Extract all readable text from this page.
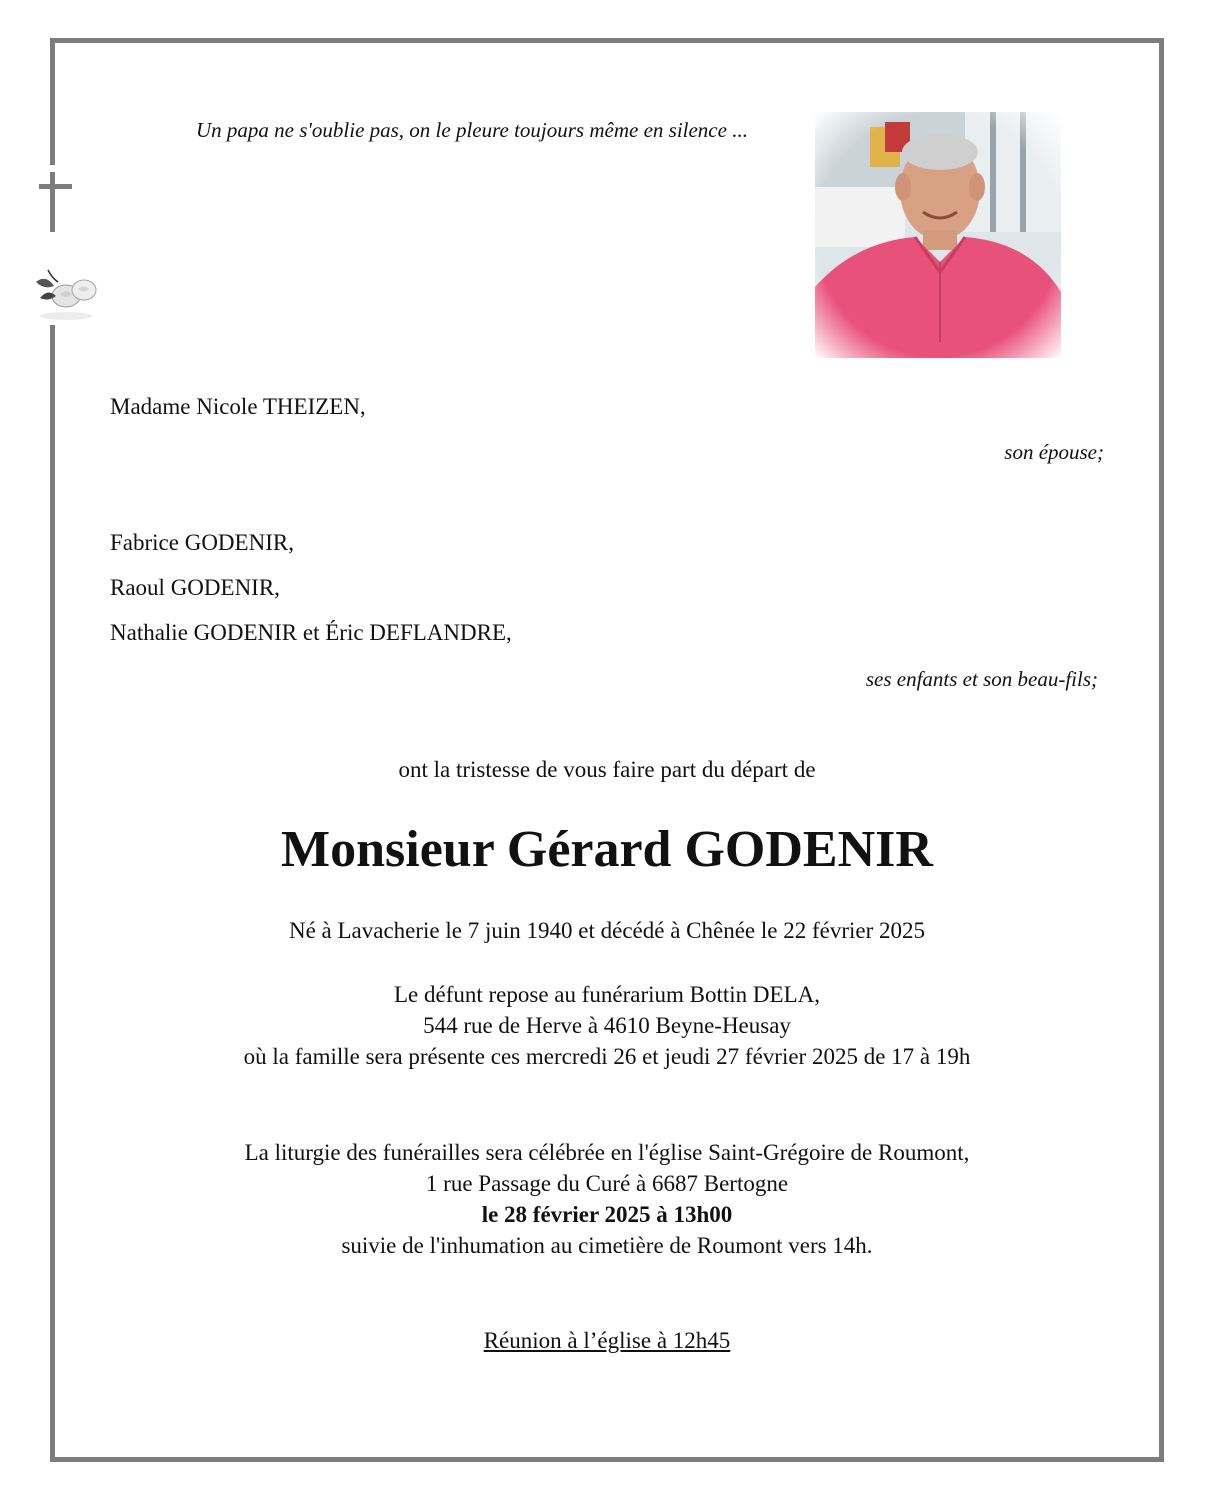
Un papa ne s'oublie pas, on le pleure toujours même en silence ...
Madame Nicole THEIZEN,
son épouse;
Fabrice GODENIR,
Raoul GODENIR,
Nathalie GODENIR et Éric DEFLANDRE,
ses enfants et son beau-fils;
ont la tristesse de vous faire part du départ de
Monsieur Gérard GODENIR
Né à Lavacherie le 7 juin 1940 et décédé à Chênée le 22 février 2025
Le défunt repose au funérarium Bottin DELA,
544 rue de Herve à 4610 Beyne-Heusay
où la famille sera présente ces mercredi 26 et jeudi 27 février 2025 de 17 à 19h
La liturgie des funérailles sera célébrée en l'église Saint-Grégoire de Roumont,
1 rue Passage du Curé à 6687 Bertogne
le 28 février 2025 à 13h00
suivie de l'inhumation au cimetière de Roumont vers 14h.
Réunion à l’église à 12h45
